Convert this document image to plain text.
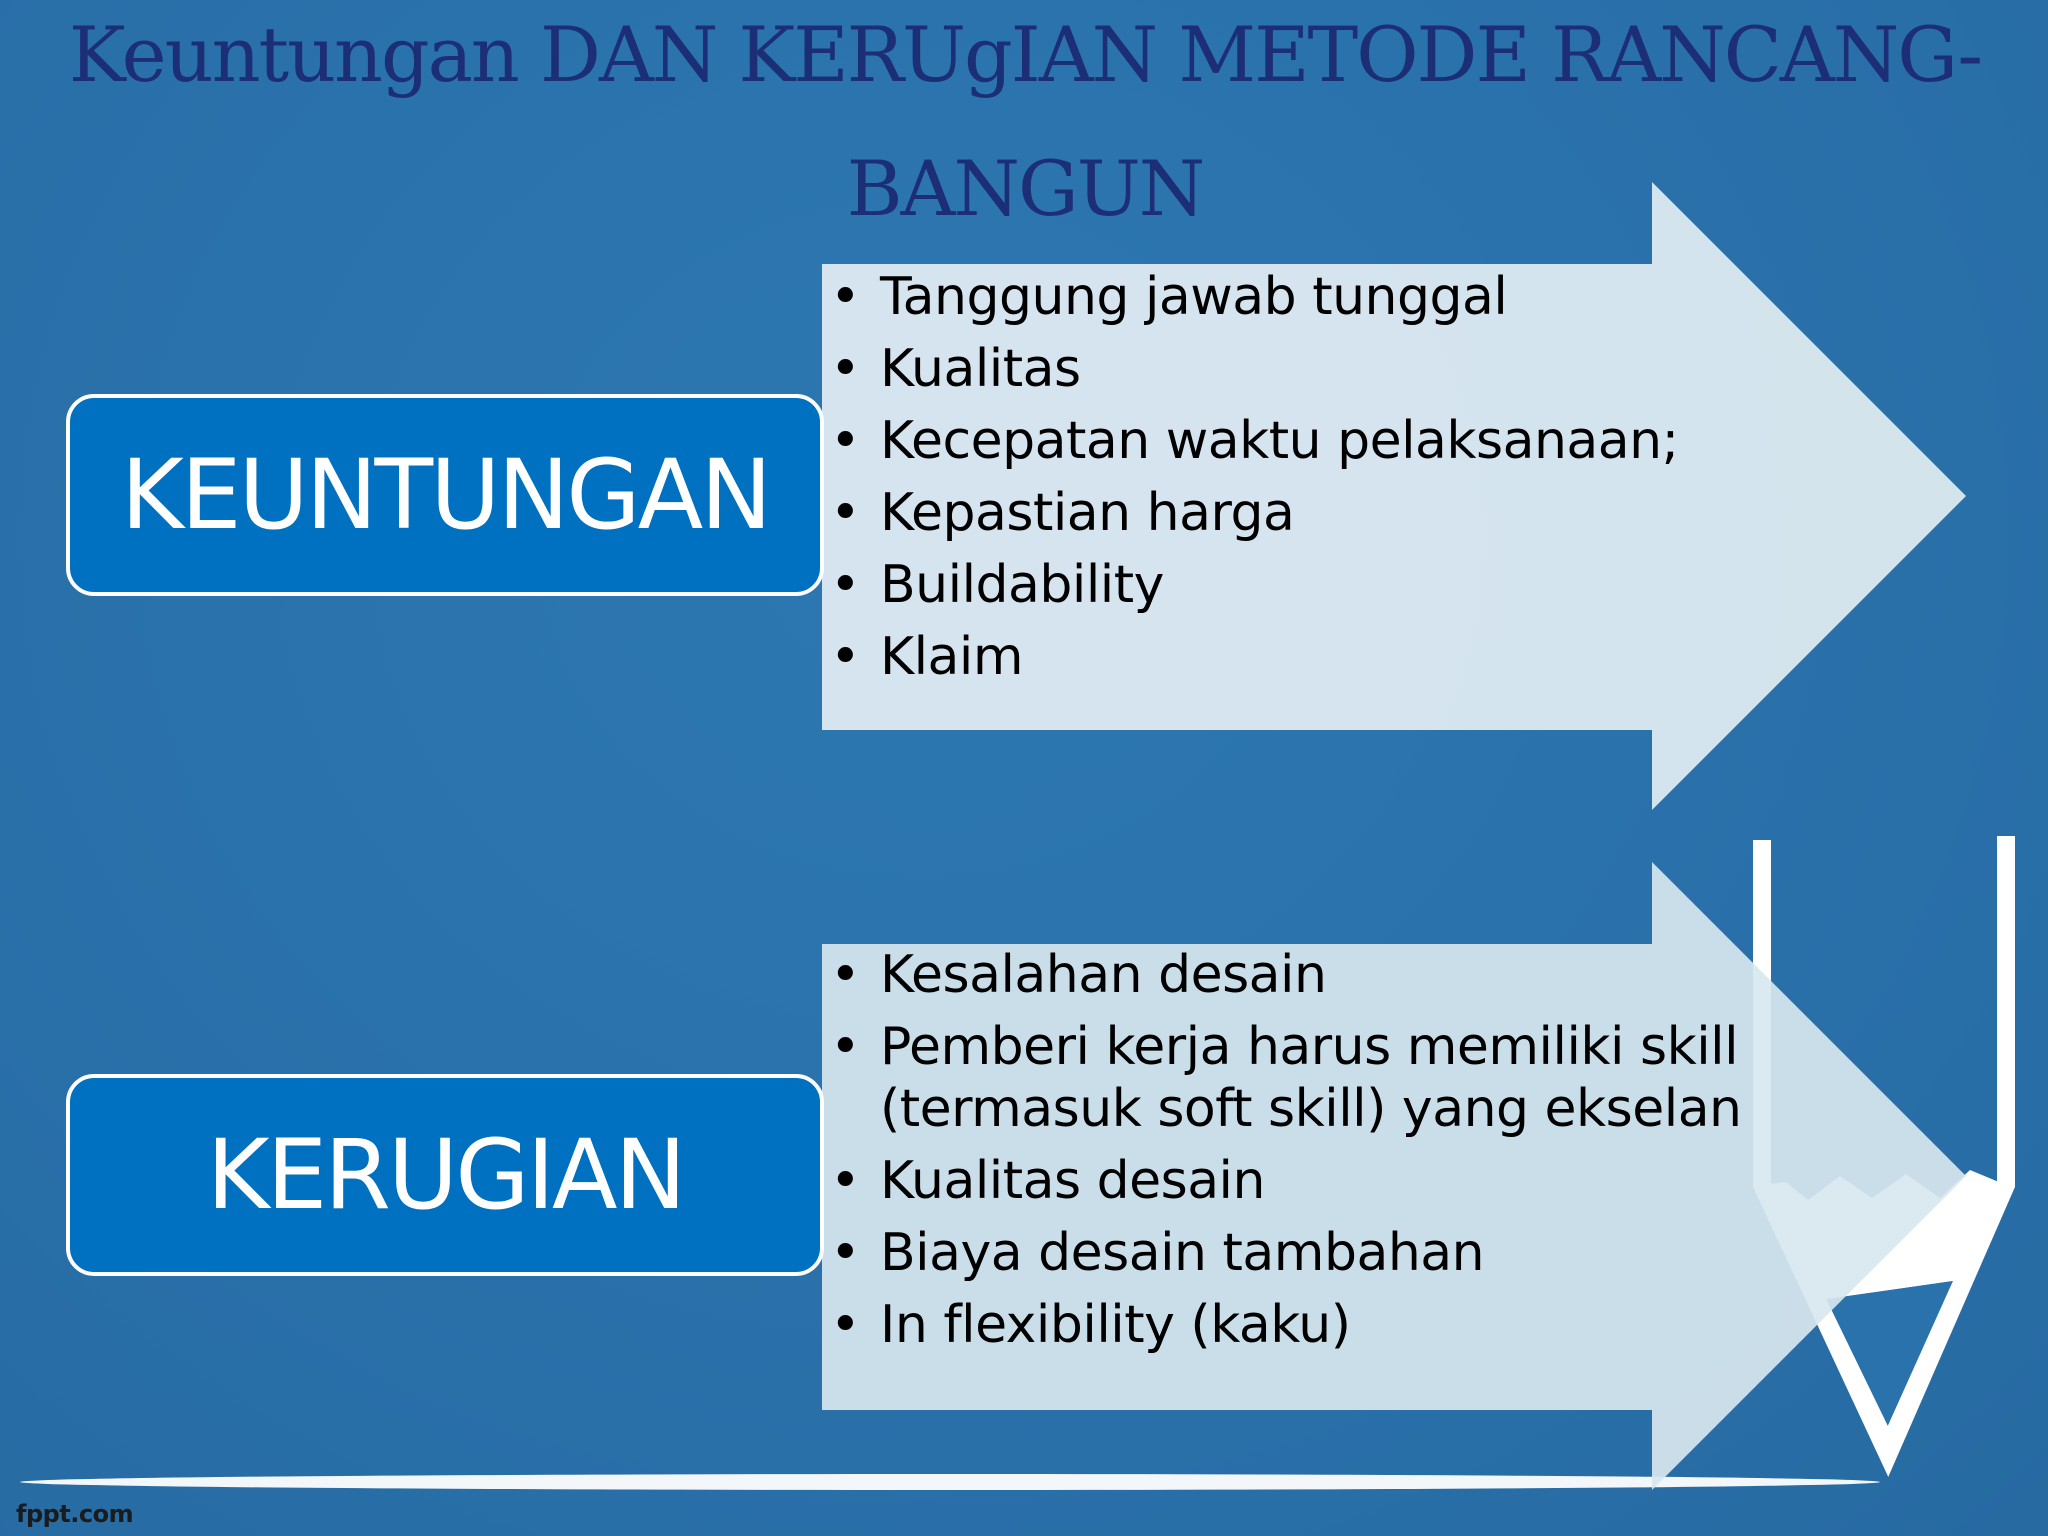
Keuntungan DAN KERUgIAN METODE RANCANG-BANGUN
KEUNTUNGAN
• Tanggung jawab tunggal
• Kualitas
• Kecepatan waktu pelaksanaan;
• Kepastian harga
• Buildability
• Klaim
KERUGIAN
• Kesalahan desain
• Pemberi kerja harus memiliki skill
(termasuk soft skill) yang ekselan
• Kualitas desain
• Biaya desain tambahan
• In flexibility (kaku)
fppt.com
